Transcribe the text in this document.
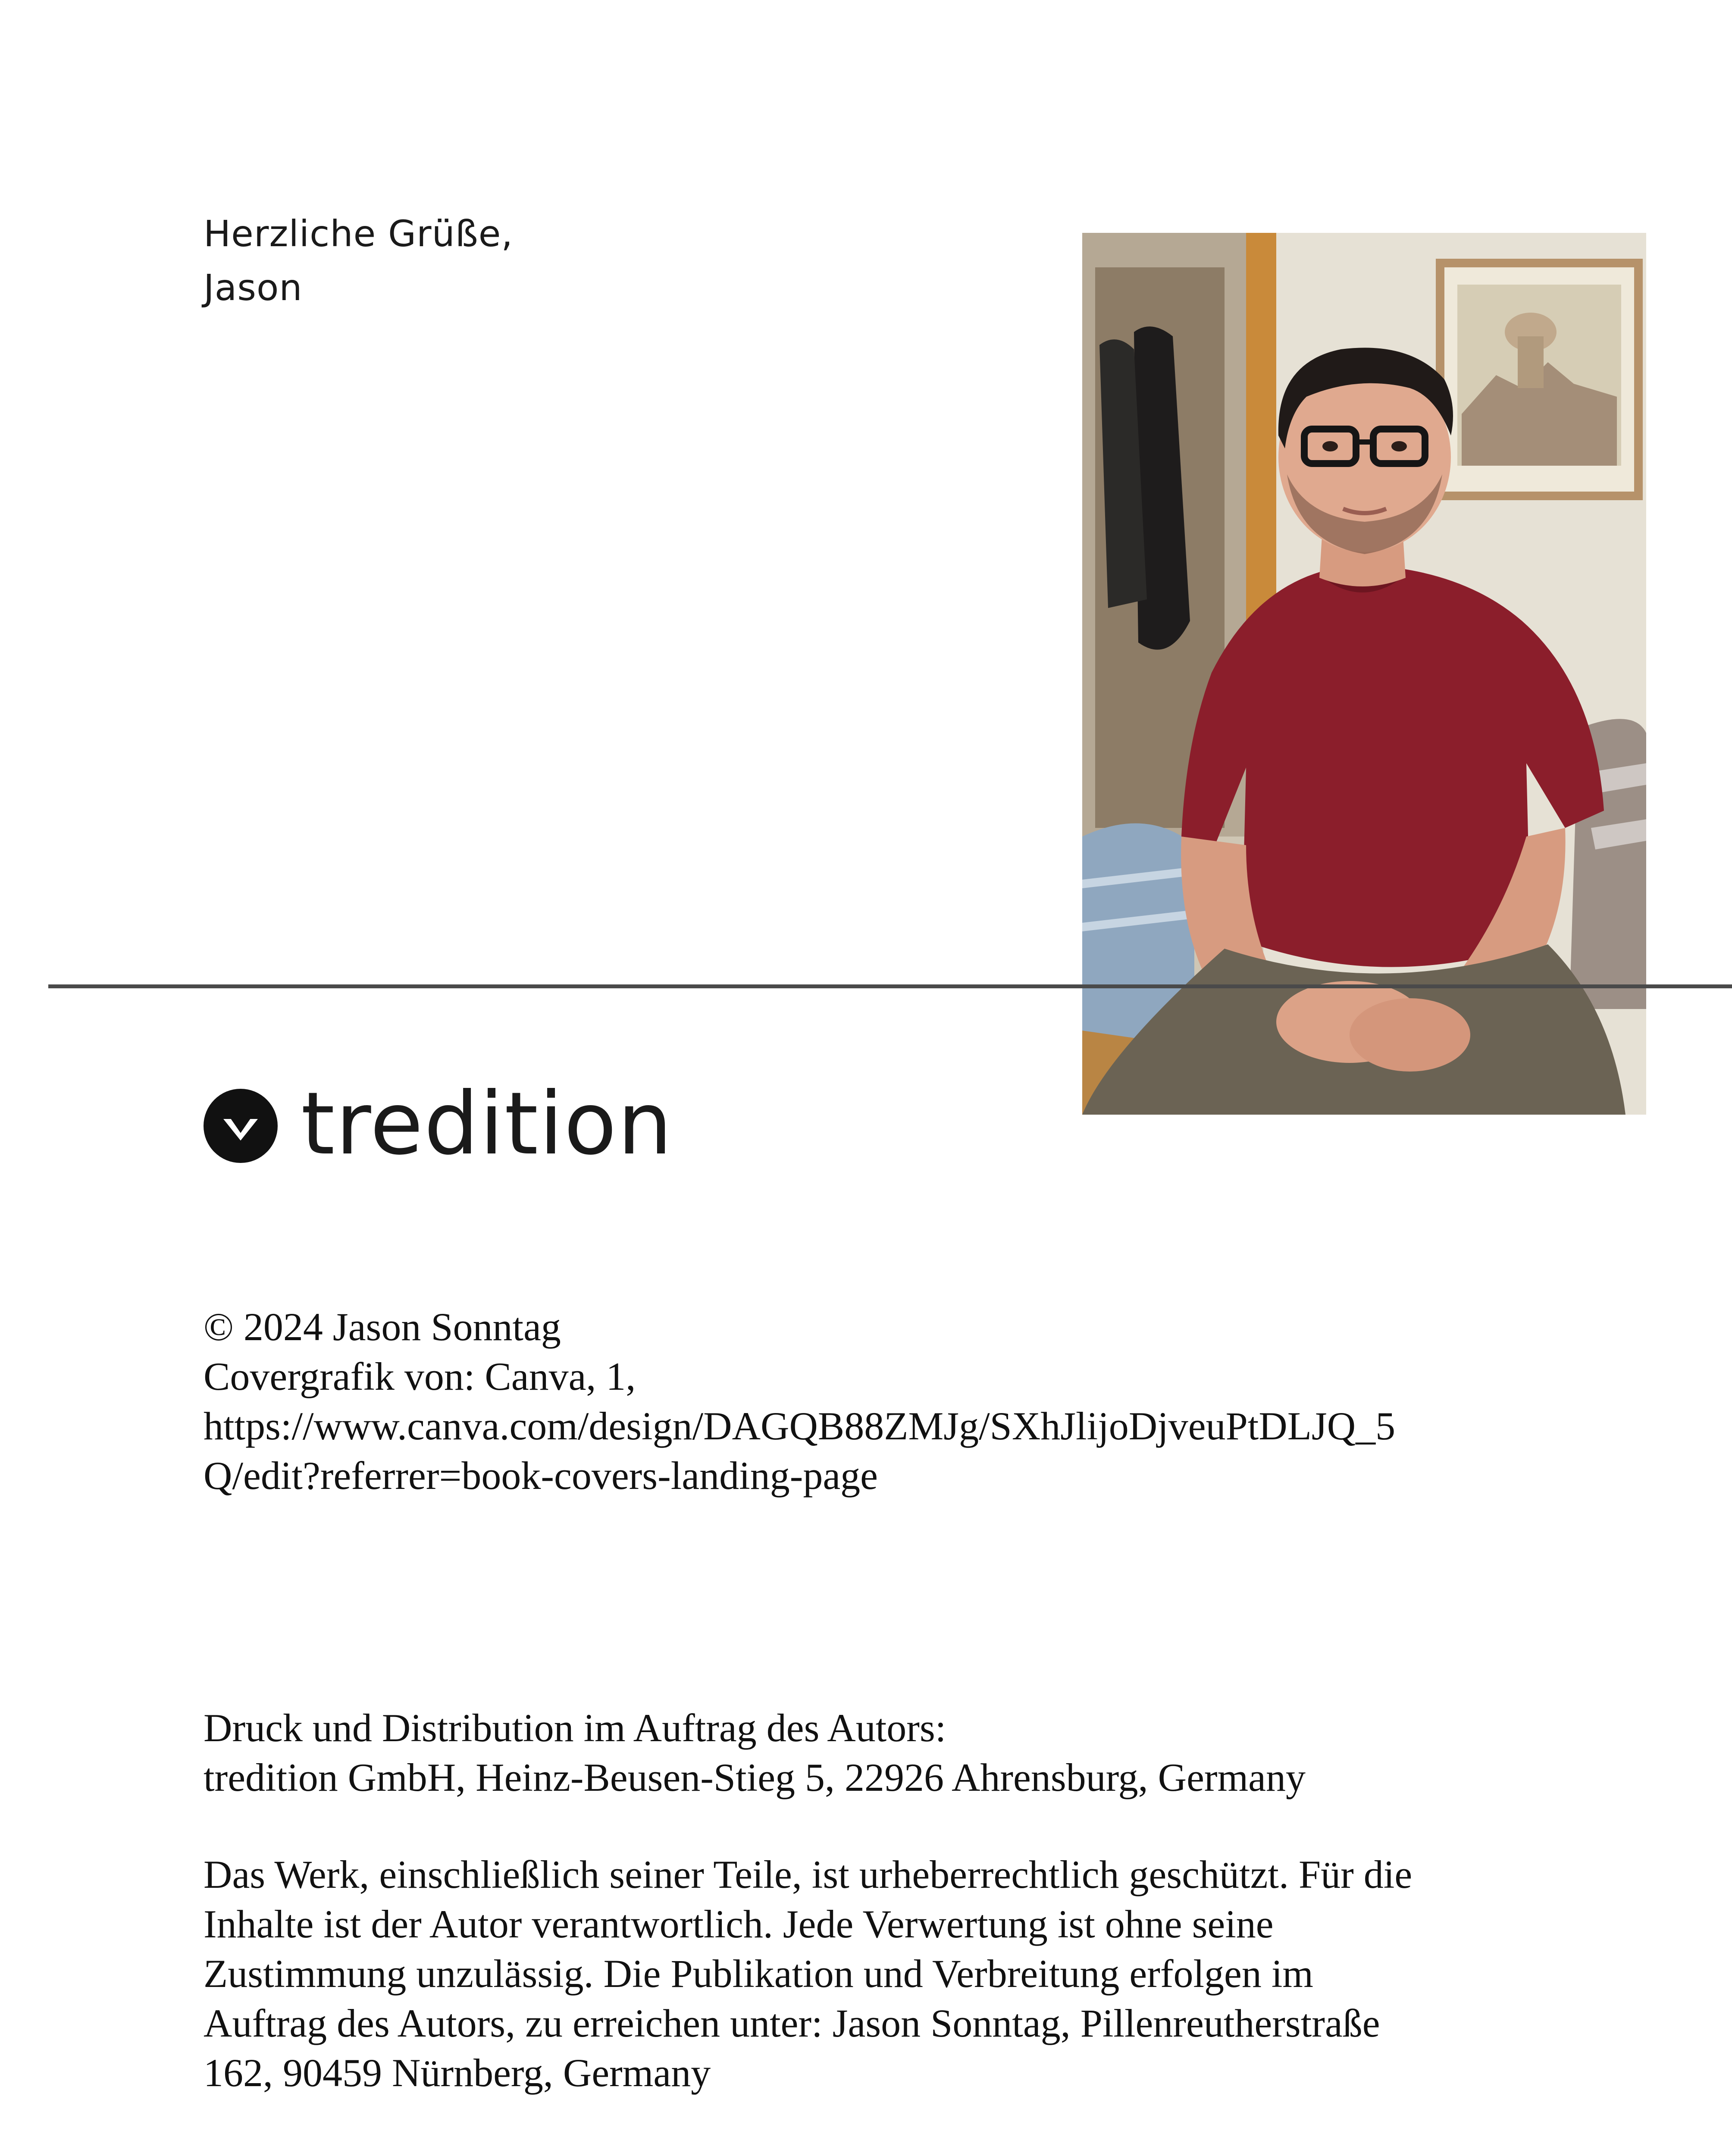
Herzliche Grüße,
Jason
tredition
© 2024 Jason Sonntag
Covergrafik von: Canva, 1,
https://www.canva.com/design/DAGQB88ZMJg/SXhJlijoDjveuPtDLJQ_5
Q/edit?referrer=book-covers-landing-page
Druck und Distribution im Auftrag des Autors:
tredition GmbH, Heinz-Beusen-Stieg 5, 22926 Ahrensburg, Germany
Das Werk, einschließlich seiner Teile, ist urheberrechtlich geschützt. Für die
Inhalte ist der Autor verantwortlich. Jede Verwertung ist ohne seine
Zustimmung unzulässig. Die Publikation und Verbreitung erfolgen im
Auftrag des Autors, zu erreichen unter: Jason Sonntag, Pillenreutherstraße
162, 90459 Nürnberg, Germany
